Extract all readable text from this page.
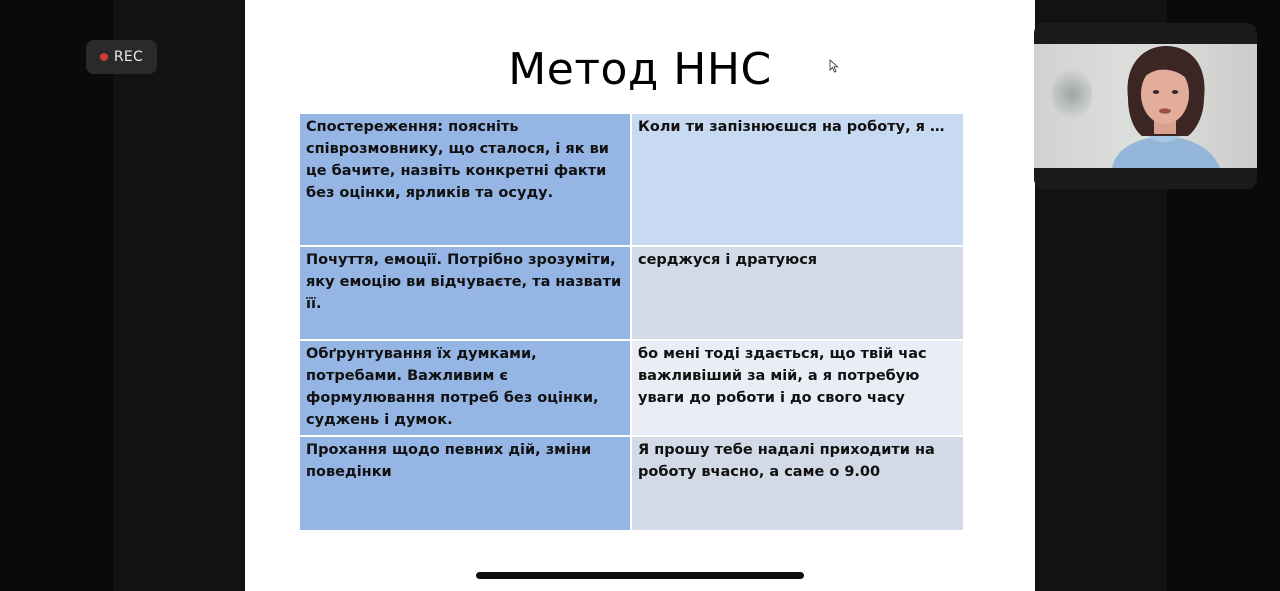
REC	Метод ННС
Спостереження: поясніть співрозмовнику, що сталося, і як ви це бачите, назвіть конкретні факти без оцінки, ярликів та осуду.	Коли ти запізнюєшся на роботу, я …
Почуття, емоції. Потрібно зрозуміти, яку емоцію ви відчуваєте, та назвати її.	серджуся і дратуюся
Обґрунтування їх думками, потребами. Важливим є формулювання потреб без оцінки, суджень і думок.	бо мені тоді здається, що твій час важливіший за мій, а я потребую уваги до роботи і до свого часу
Прохання щодо певних дій, зміни поведінки	Я прошу тебе надалі приходити на роботу вчасно, а саме о 9.00
